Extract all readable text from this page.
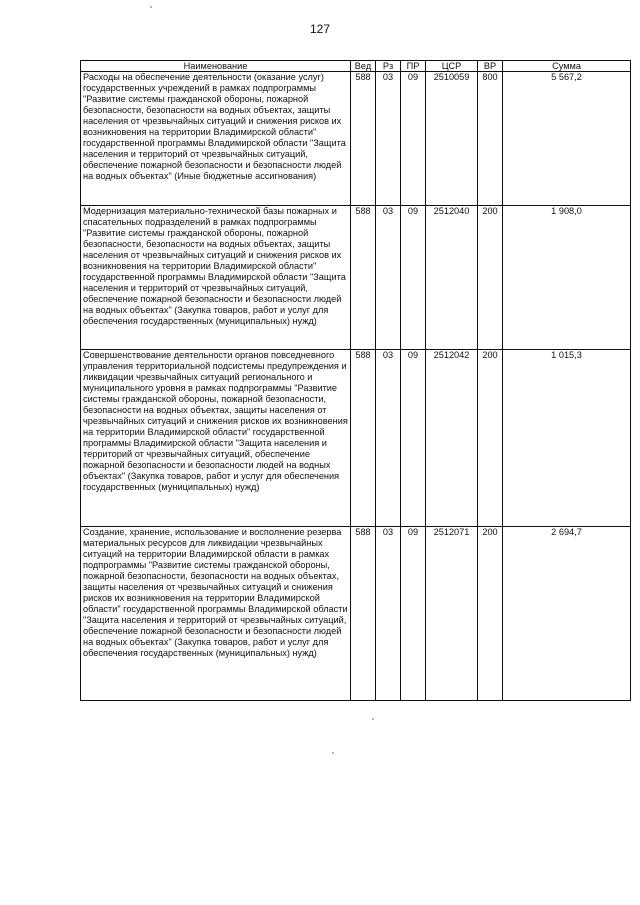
127
Наименование	Вед	Рз	ПР	ЦСР	ВР	Сумма
Расходы на обеспечение деятельности (оказание услуг) государственных учреждений в рамках подпрограммы "Развитие системы гражданской обороны, пожарной безопасности, безопасности на водных объектах, защиты населения от чрезвычайных ситуаций и снижения рисков их возникновения на территории Владимирской области" государственной программы Владимирской области "Защита населения и территорий от чрезвычайных ситуаций, обеспечение пожарной безопасности и безопасности людей на водных объектах" (Иные бюджетные ассигнования)	588	03	09	2510059	800	5 567,2
Модернизация материально-технической базы пожарных и спасательных подразделений в рамках подпрограммы "Развитие системы гражданской обороны, пожарной безопасности, безопасности на водных объектах, защиты населения от чрезвычайных ситуаций и снижения рисков их возникновения на территории Владимирской области" государственной программы Владимирской области "Защита населения и территорий от чрезвычайных ситуаций, обеспечение пожарной безопасности и безопасности людей на водных объектах" (Закупка товаров, работ и услуг для обеспечения государственных (муниципальных) нужд)	588	03	09	2512040	200	1 908,0
Совершенствование деятельности органов повседневного управления территориальной подсистемы предупреждения и ликвидации чрезвычайных ситуаций регионального и муниципального уровня в рамках подпрограммы "Развитие системы гражданской обороны, пожарной безопасности, безопасности на водных объектах, защиты населения от чрезвычайных ситуаций и снижения рисков их возникновения на территории Владимирской области" государственной программы Владимирской области "Защита населения и территорий от чрезвычайных ситуаций, обеспечение пожарной безопасности и безопасности людей на водных объектах" (Закупка товаров, работ и услуг для обеспечения государственных (муниципальных) нужд)	588	03	09	2512042	200	1 015,3
Создание, хранение, использование и восполнение резерва материальных ресурсов для ликвидации чрезвычайных ситуаций на территории Владимирской области в рамках подпрограммы "Развитие системы гражданской обороны, пожарной безопасности, безопасности на водных объектах, защиты населения от чрезвычайных ситуаций и снижения рисков их возникновения на территории Владимирской области" государственной программы Владимирской области "Защита населения и территорий от чрезвычайных ситуаций, обеспечение пожарной безопасности и безопасности людей на водных объектах" (Закупка товаров, работ и услуг для обеспечения государственных (муниципальных) нужд)	588	03	09	2512071	200	2 694,7
